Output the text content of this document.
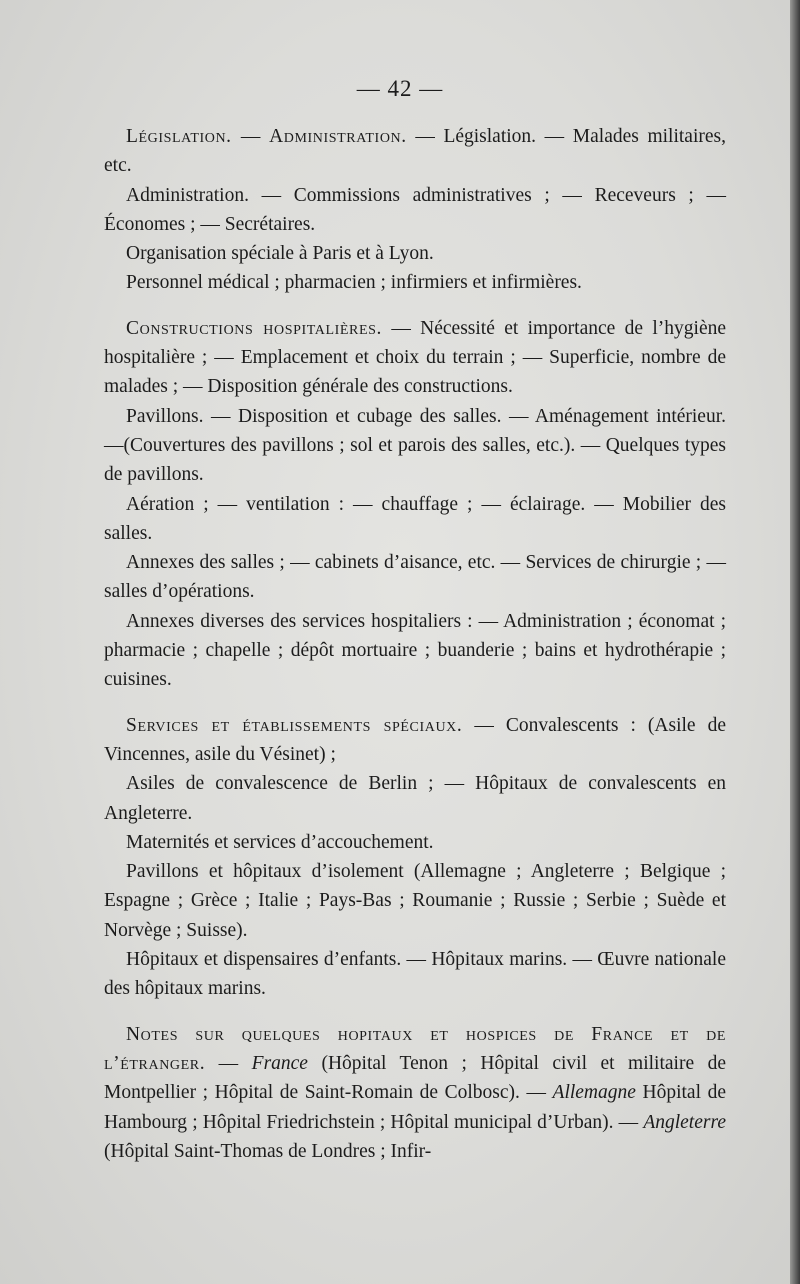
— 42 —

Législation. — Administration. — Législation. — Malades militaires, etc.

Administration. — Commissions administratives ; — Receveurs ; — Économes ; — Secrétaires.

Organisation spéciale à Paris et à Lyon.

Personnel médical ; pharmacien ; infirmiers et infirmières.

Constructions hospitalières. — Nécessité et importance de l’hygiène hospitalière ; — Emplacement et choix du terrain ; — Superficie, nombre de malades ; — Disposition générale des constructions.

Pavillons. — Disposition et cubage des salles. — Aménagement intérieur. —(Couvertures des pavillons ; sol et parois des salles, etc.). — Quelques types de pavillons.

Aération ; — ventilation : — chauffage ; — éclairage. — Mobilier des salles.

Annexes des salles ; — cabinets d’aisance, etc. — Services de chirurgie ; — salles d’opérations.

Annexes diverses des services hospitaliers : — Administration ; économat ; pharmacie ; chapelle ; dépôt mortuaire ; buanderie ; bains et hydrothérapie ; cuisines.

Services et établissements spéciaux. — Convalescents : (Asile de Vincennes, asile du Vésinet) ;

Asiles de convalescence de Berlin ; — Hôpitaux de convalescents en Angleterre.

Maternités et services d’accouchement.

Pavillons et hôpitaux d’isolement (Allemagne ; Angleterre ; Belgique ; Espagne ; Grèce ; Italie ; Pays-Bas ; Roumanie ; Russie ; Serbie ; Suède et Norvège ; Suisse).

Hôpitaux et dispensaires d’enfants. — Hôpitaux marins. — Œuvre nationale des hôpitaux marins.

Notes sur quelques hopitaux et hospices de France et de l’étranger. — France (Hôpital Tenon ; Hôpital civil et militaire de Montpellier ; Hôpital de Saint-Romain de Colbosc). — Allemagne Hôpital de Hambourg ; Hôpital Friedrichstein ; Hôpital municipal d’Urban). — Angleterre (Hôpital Saint-Thomas de Londres ; Infir-
